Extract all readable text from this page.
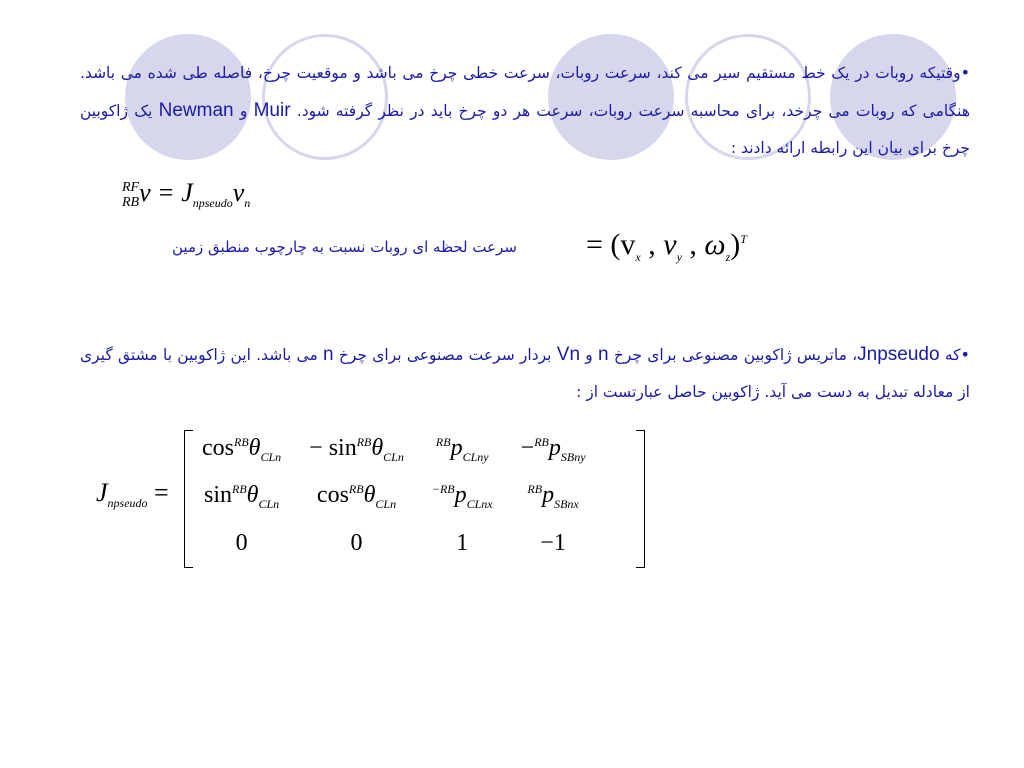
•وقتیکه روبات در یک خط مستقیم سیر می کند، سرعت روبات، سرعت خطی چرخ می باشد و موقعیت چرخ، فاصله طی شده می باشد. هنگامی که روبات می چرخد، برای محاسبه سرعت روبات، سرعت هر دو چرخ باید در نظر گرفته شود. Muir و Newman یک ژاکوبین چرخ برای بیان این رابطه ارائه دادند :
RF
RBv = $J_{npseudo}v_n$
سرعت لحظه ای روبات نسبت به چارچوب منطبق زمین = ($v_x$ , $v_y$ , $\omega_z)^T$
•که Jnpseudo، ماتریس ژاکوبین مصنوعی برای چرخ n و Vn بردار سرعت مصنوعی برای چرخ n می باشد. این ژاکوبین با مشتق گیری از معادله تبدیل به دست می آید. ژاکوبین حاصل عبارتست از :
$J_{npseudo}$ =
$\cos^{RB}\theta_{CLn}$	− $\sin^{RB}\theta_{CLn}$	$^{RB}p_{CLny}$	$-^{RB}p_{SBny}$
$\sin^{RB}\theta_{CLn}$	$\cos^{RB}\theta_{CLn}$	$^{-RB}p_{CLnx}$	$^{RB}p_{SBnx}$
0	0	1	−1
